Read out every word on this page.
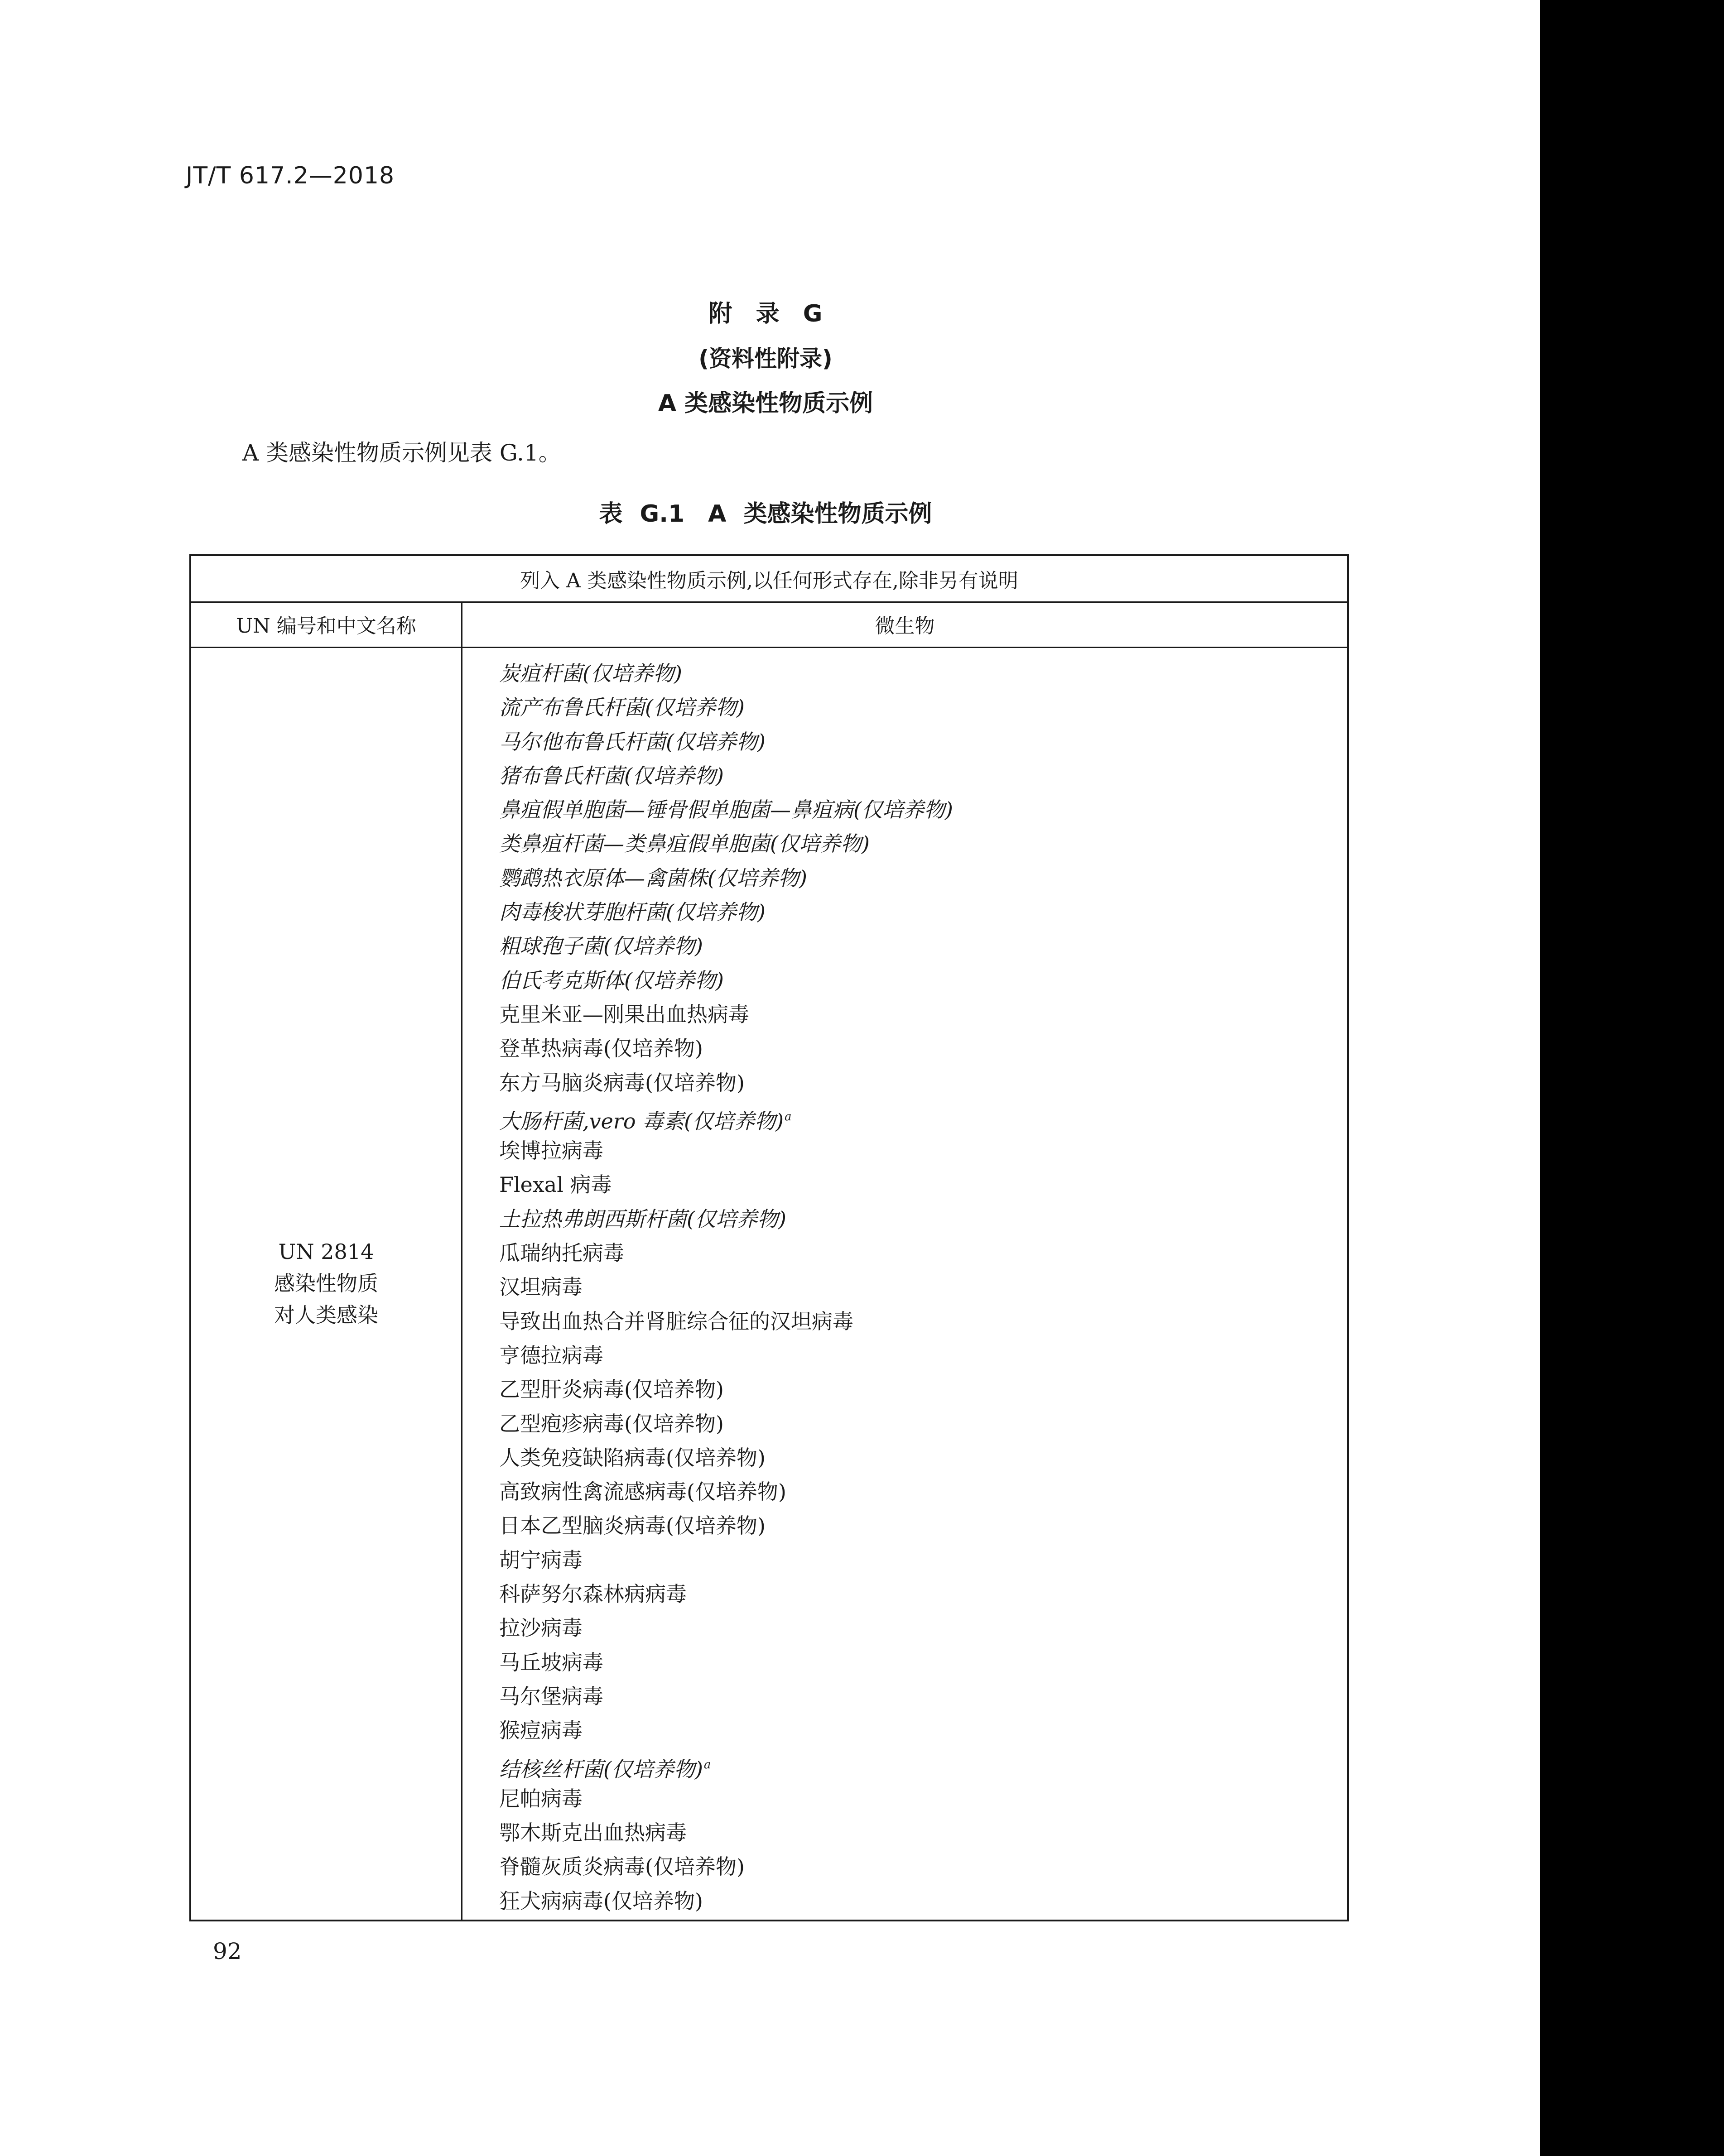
JT/T 617.2—2018
附 录 G
(资料性附录)
A 类感染性物质示例
A 类感染性物质示例见表 G.1。
表 G.1　A 类感染性物质示例
列入 A 类感染性物质示例,以任何形式存在,除非另有说明
UN 编号和中文名称	微生物
UN 2814
感染性物质
对人类感染
炭疽杆菌(仅培养物)
流产布鲁氏杆菌(仅培养物)
马尔他布鲁氏杆菌(仅培养物)
猪布鲁氏杆菌(仅培养物)
鼻疽假单胞菌—锤骨假单胞菌—鼻疽病(仅培养物)
类鼻疽杆菌—类鼻疽假单胞菌(仅培养物)
鹦鹉热衣原体—禽菌株(仅培养物)
肉毒梭状芽胞杆菌(仅培养物)
粗球孢子菌(仅培养物)
伯氏考克斯体(仅培养物)
克里米亚—刚果出血热病毒
登革热病毒(仅培养物)
东方马脑炎病毒(仅培养物)
大肠杆菌,vero 毒素(仅培养物)$^a$
埃博拉病毒
Flexal 病毒
土拉热弗朗西斯杆菌(仅培养物)
瓜瑞纳托病毒
汉坦病毒
导致出血热合并肾脏综合征的汉坦病毒
亨德拉病毒
乙型肝炎病毒(仅培养物)
乙型疱疹病毒(仅培养物)
人类免疫缺陷病毒(仅培养物)
高致病性禽流感病毒(仅培养物)
日本乙型脑炎病毒(仅培养物)
胡宁病毒
科萨努尔森林病病毒
拉沙病毒
马丘坡病毒
马尔堡病毒
猴痘病毒
结核丝杆菌(仅培养物)$^a$
尼帕病毒
鄂木斯克出血热病毒
脊髓灰质炎病毒(仅培养物)
狂犬病病毒(仅培养物)
92
